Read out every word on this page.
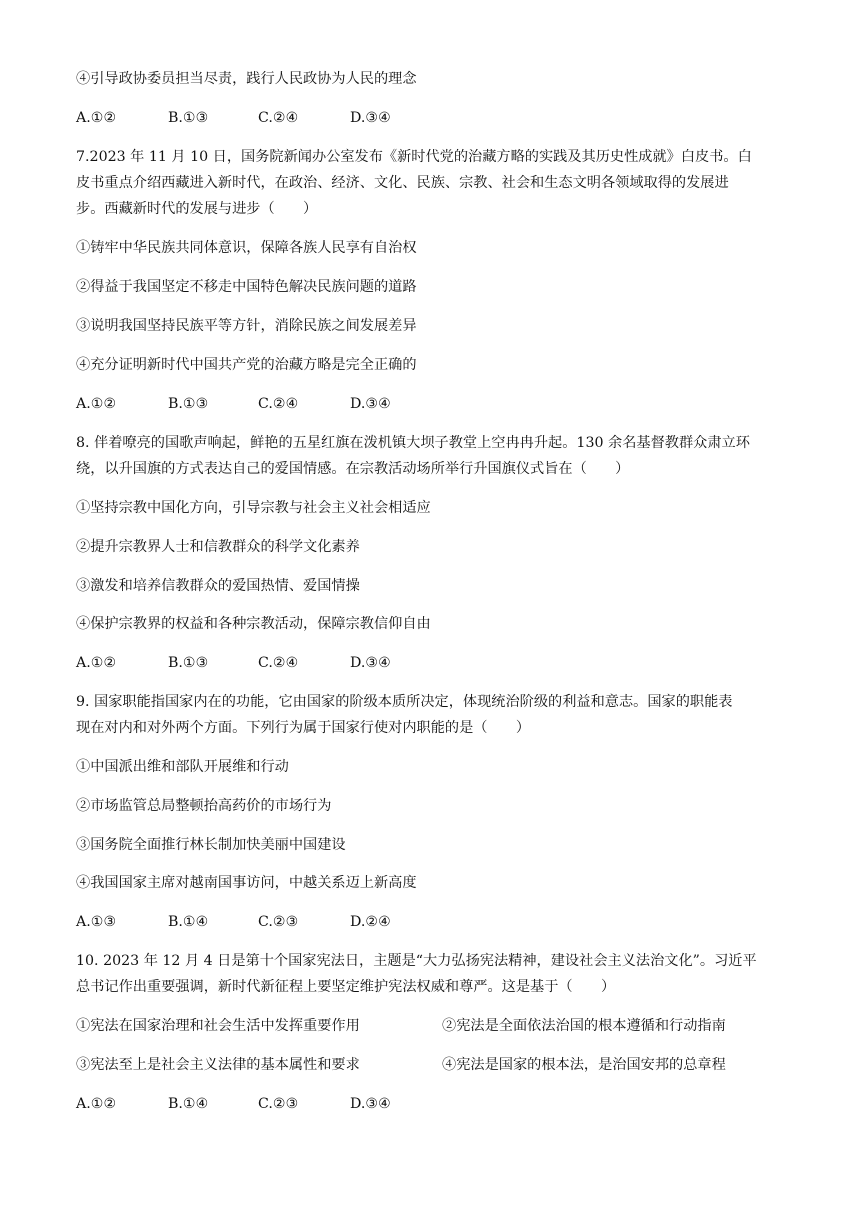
④引导政协委员担当尽责，践行人民政协为人民的理念
A.①②	B.①③	C.②④	D.③④
7.2023 年 11 月 10 日，国务院新闻办公室发布《新时代党的治藏方略的实践及其历史性成就》白皮书。白
皮书重点介绍西藏进入新时代，在政治、经济、文化、民族、宗教、社会和生态文明各领域取得的发展进
步。西藏新时代的发展与进步（　　）
①铸牢中华民族共同体意识，保障各族人民享有自治权
②得益于我国坚定不移走中国特色解决民族问题的道路
③说明我国坚持民族平等方针，消除民族之间发展差异
④充分证明新时代中国共产党的治藏方略是完全正确的
A.①②	B.①③	C.②④	D.③④
8. 伴着嘹亮的国歌声响起，鲜艳的五星红旗在泼机镇大坝子教堂上空冉冉升起。130 余名基督教群众肃立环
绕，以升国旗的方式表达自己的爱国情感。在宗教活动场所举行升国旗仪式旨在（　　）
①坚持宗教中国化方向，引导宗教与社会主义社会相适应
②提升宗教界人士和信教群众的科学文化素养
③激发和培养信教群众的爱国热情、爱国情操
④保护宗教界的权益和各种宗教活动，保障宗教信仰自由
A.①②	B.①③	C.②④	D.③④
9. 国家职能指国家内在的功能，它由国家的阶级本质所决定，体现统治阶级的利益和意志。国家的职能表
现在对内和对外两个方面。下列行为属于国家行使对内职能的是（　　）
①中国派出维和部队开展维和行动
②市场监管总局整顿抬高药价的市场行为
③国务院全面推行林长制加快美丽中国建设
④我国国家主席对越南国事访问，中越关系迈上新高度
A.①③	B.①④	C.②③	D.②④
10. 2023 年 12 月 4 日是第十个国家宪法日，主题是“大力弘扬宪法精神，建设社会主义法治文化”。习近平
总书记作出重要强调，新时代新征程上要坚定维护宪法权威和尊严。这是基于（　　）
①宪法在国家治理和社会生活中发挥重要作用	②宪法是全面依法治国的根本遵循和行动指南
③宪法至上是社会主义法律的基本属性和要求	④宪法是国家的根本法，是治国安邦的总章程
A.①②	B.①④	C.②③	D.③④
